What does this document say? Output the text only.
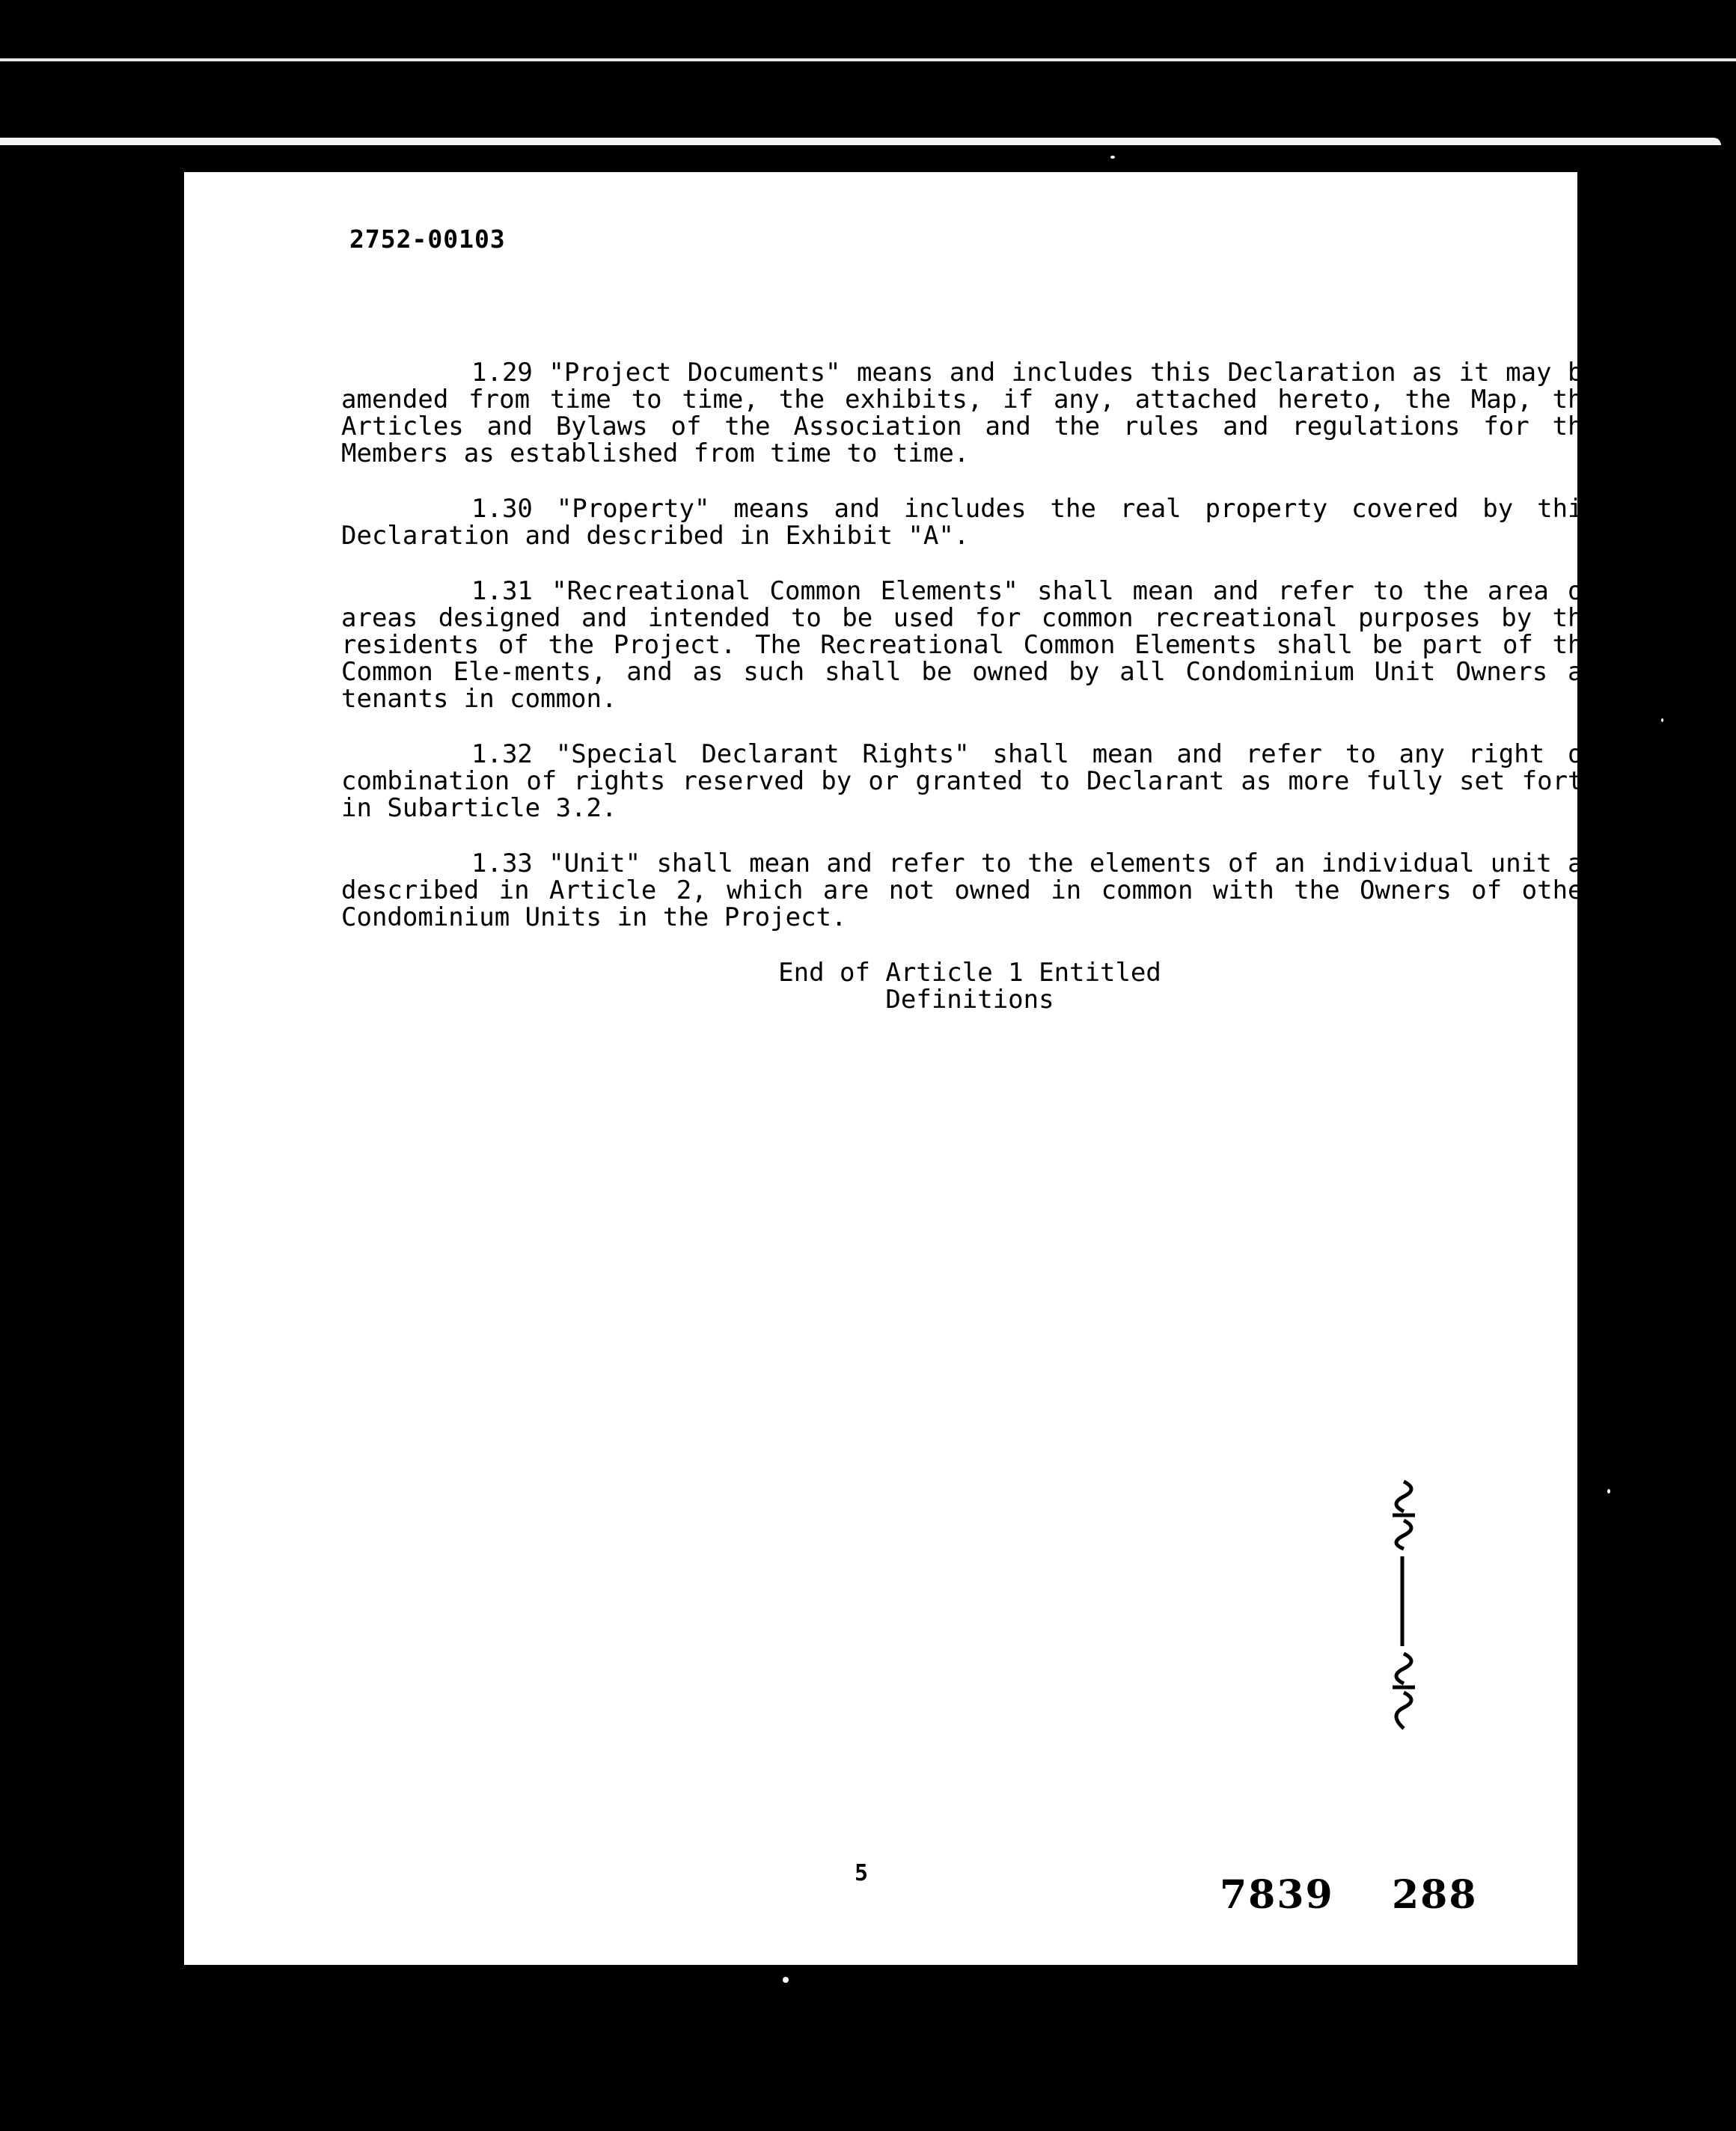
2752-00103

1.29 "Project Documents" means and includes this Declaration as it may be amended from time to time, the exhibits, if any, attached hereto, the Map, the Articles and Bylaws of the Association and the rules and regulations for the Members as established from time to time.

1.30 "Property" means and includes the real property covered by this Declaration and described in Exhibit "A".

1.31 "Recreational Common Elements" shall mean and refer to the area or areas designed and intended to be used for common recreational purposes by the residents of the Project. The Recreational Common Elements shall be part of the Common Ele-ments, and as such shall be owned by all Condominium Unit Owners as tenants in common.

1.32 "Special Declarant Rights" shall mean and refer to any right or combination of rights reserved by or granted to Declarant as more fully set forth in Subarticle 3.2.

1.33 "Unit" shall mean and refer to the elements of an individual unit as described in Article 2, which are not owned in common with the Owners of other Condominium Units in the Project.

End of Article 1 Entitled
Definitions
5	7839 288
